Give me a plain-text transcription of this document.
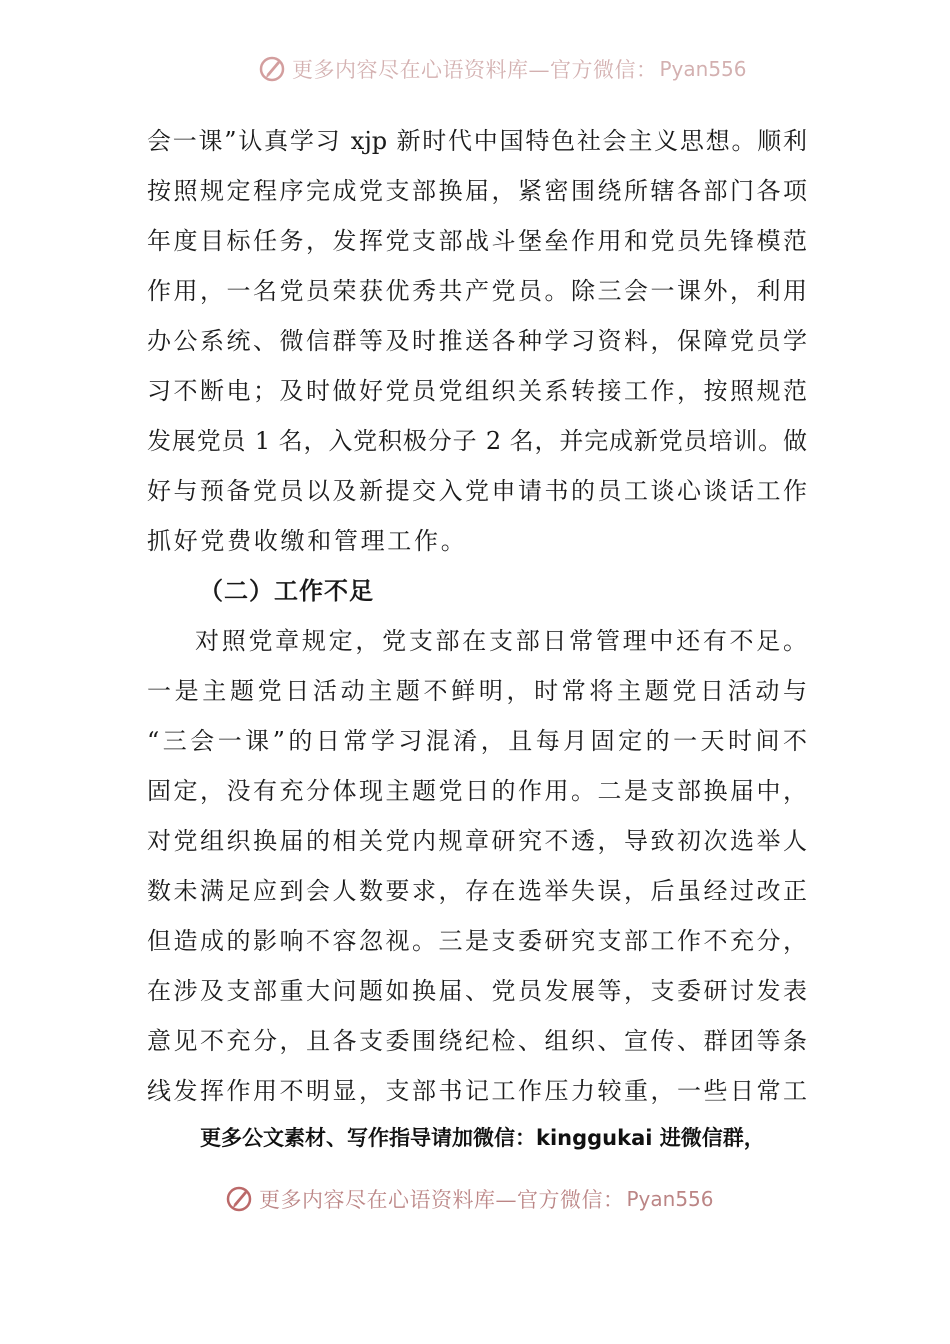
更多内容尽在心语资料库—官方微信： Pyan556
会一课”认真学习 xjp 新时代中国特色社会主义思想。顺利
按照规定程序完成党支部换届，紧密围绕所辖各部门各项
年度目标任务，发挥党支部战斗堡垒作用和党员先锋模范
作用，一名党员荣获优秀共产党员。除三会一课外，利用
办公系统、微信群等及时推送各种学习资料，保障党员学
习不断电；及时做好党员党组织关系转接工作，按照规范
发展党员 1 名，入党积极分子 2 名，并完成新党员培训。做
好与预备党员以及新提交入党申请书的员工谈心谈话工作
抓好党费收缴和管理工作。
（二）工作不足
对照党章规定，党支部在支部日常管理中还有不足。
一是主题党日活动主题不鲜明，时常将主题党日活动与
“三会一课”的日常学习混淆，且每月固定的一天时间不
固定，没有充分体现主题党日的作用。二是支部换届中，
对党组织换届的相关党内规章研究不透，导致初次选举人
数未满足应到会人数要求，存在选举失误，后虽经过改正
但造成的影响不容忽视。三是支委研究支部工作不充分，
在涉及支部重大问题如换届、党员发展等，支委研讨发表
意见不充分，且各支委围绕纪检、组织、宣传、群团等条
线发挥作用不明显，支部书记工作压力较重，一些日常工
更多公文素材、写作指导请加微信：kinggukai 进微信群，
更多内容尽在心语资料库—官方微信： Pyan556
